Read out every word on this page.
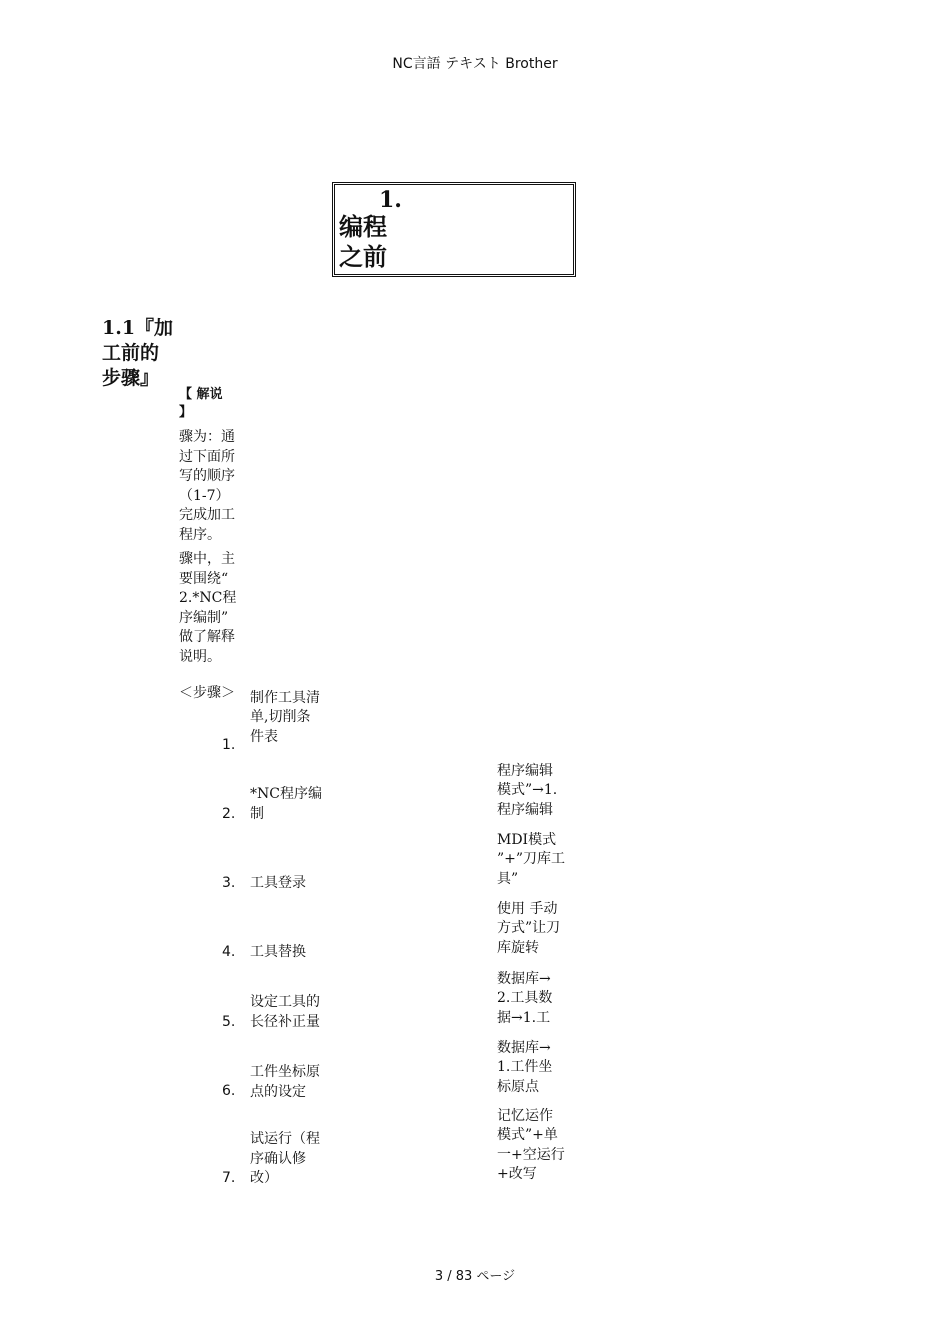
NC言語 テキスト Brother
1.
编程
之前
1.1『加
工前的
步骤』
【 解说
】
骤为：通
过下面所
写的顺序
（1-7）
完成加工
程序。
骤中，主
要围绕“
2.*NC程
序编制”
做了解释
说明。
＜步骤＞ 制作工具清
单,切削条
件表
1.
*NC程序编
制
2.
程序编辑
模式”→1.
程序编辑
工具登录
3.
MDI模式
”+”刀库工
具”
工具替换
4.
使用 手动
方式”让刀
库旋转
设定工具的
长径补正量
5.
数据库→
2.工具数
据→1.工
工件坐标原
点的设定
6.
数据库→
1.工件坐
标原点
试运行（程
序确认修
改）
7.
记忆运作
模式”+单
一+空运行
+改写
3 / 83 ページ
